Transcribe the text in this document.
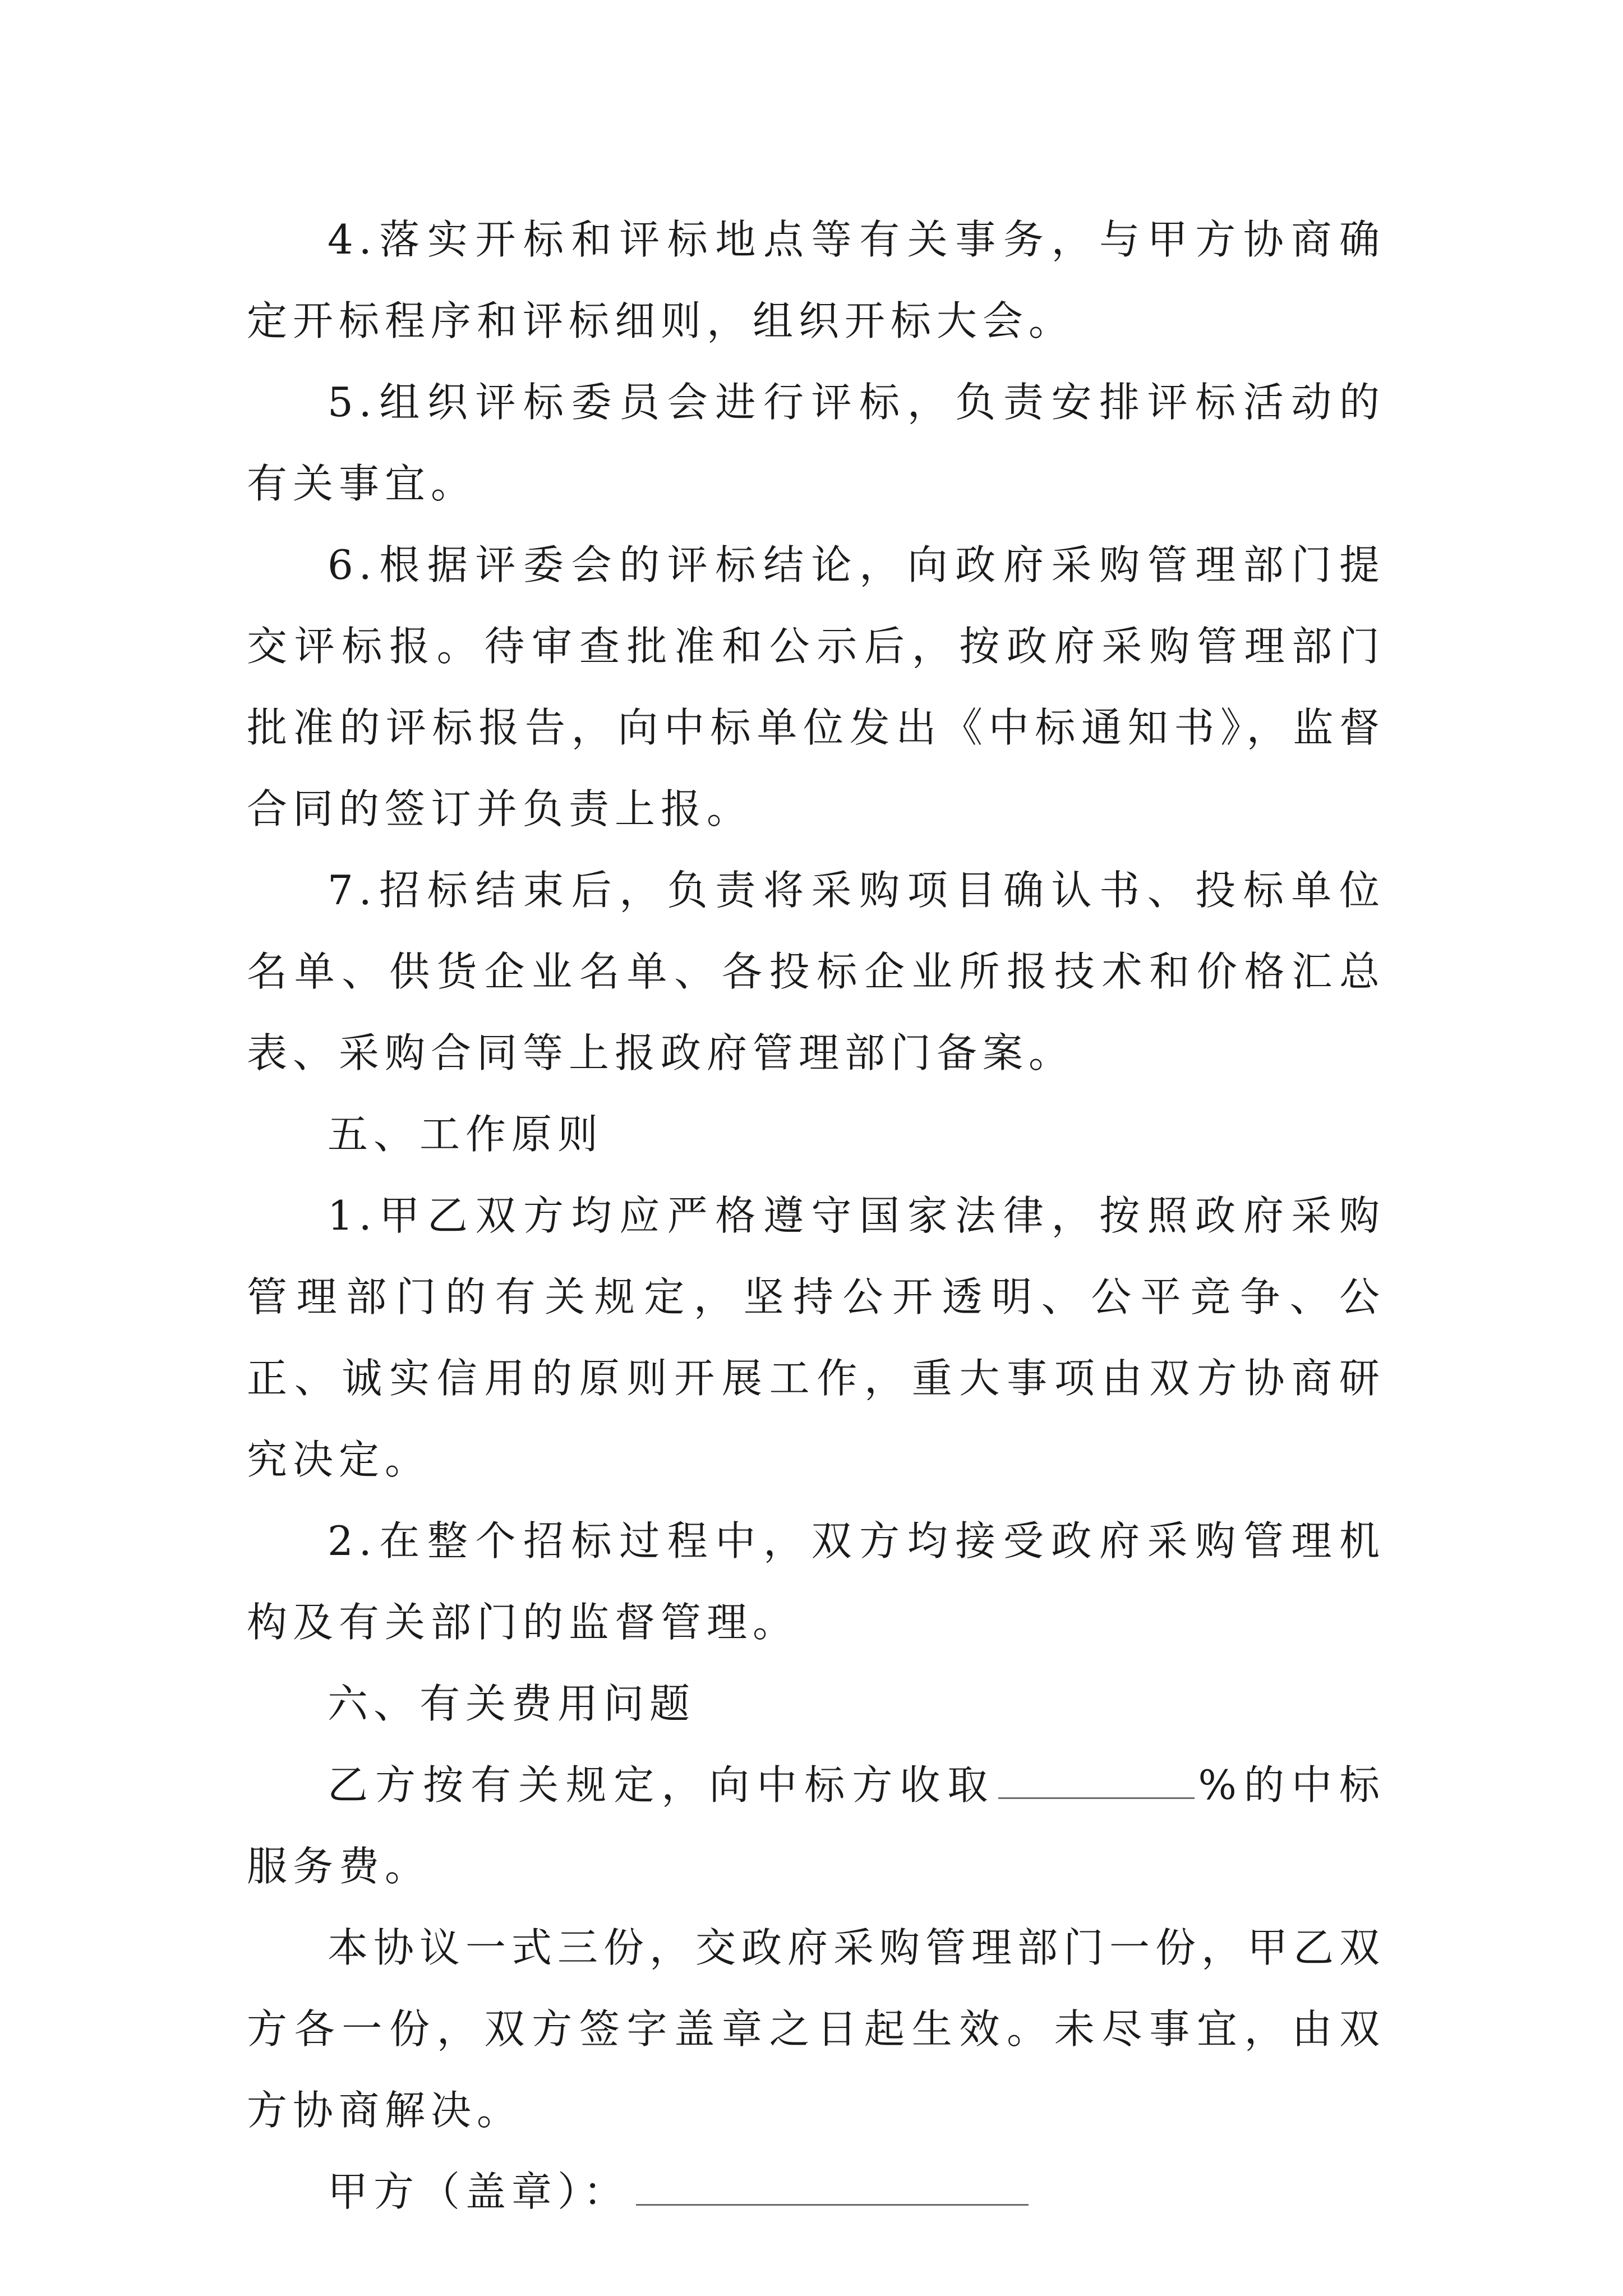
4.落实开标和评标地点等有关事务，与甲方协商确定开标程序和评标细则，组织开标大会。

5.组织评标委员会进行评标，负责安排评标活动的有关事宜。

6.根据评委会的评标结论，向政府采购管理部门提交评标报。待审查批准和公示后，按政府采购管理部门批准的评标报告，向中标单位发出《中标通知书》，监督合同的签订并负责上报。

7.招标结束后，负责将采购项目确认书、投标单位名单、供货企业名单、各投标企业所报技术和价格汇总表、采购合同等上报政府管理部门备案。

五、工作原则

1.甲乙双方均应严格遵守国家法律，按照政府采购管理部门的有关规定，坚持公开透明、公平竞争、公正、诚实信用的原则开展工作，重大事项由双方协商研究决定。

2.在整个招标过程中，双方均接受政府采购管理机构及有关部门的监督管理。

六、有关费用问题

乙方按有关规定，向中标方收取	%的中标服务费。

本协议一式三份，交政府采购管理部门一份，甲乙双方各一份，双方签字盖章之日起生效。未尽事宜，由双方协商解决。

甲方（盖章）：
